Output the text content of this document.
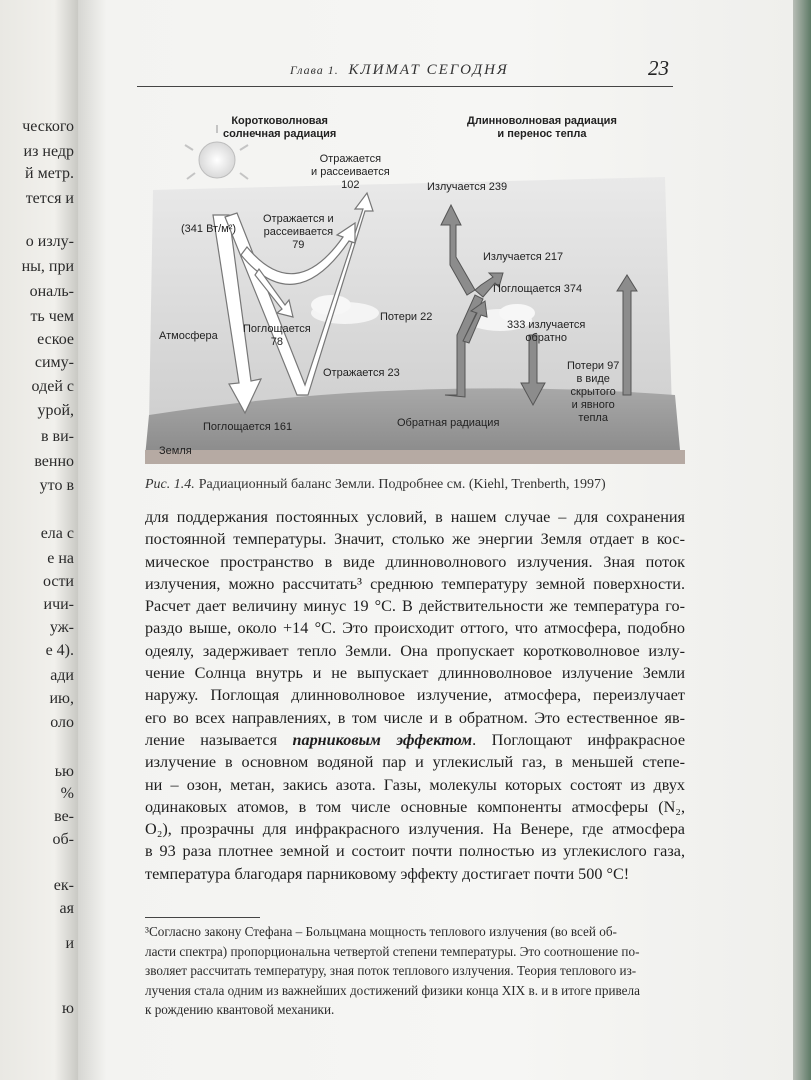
ческого
из недр
й метр.
тется и
о излу-
ны, при
ональ-
ть чем
еское
симу-
одей с
урой,
в ви-
венно
уто в
ела с
е на
ости
ичи-
уж-
е 4).
ади
ию,
оло
ью
%
ве-
об-
ек-
ая
и
ю
Глава 1. КЛИМАТ СЕГОДНЯ	23
Коротковолновая
солнечная радиация
Длинноволновая радиация
и перенос тепла
Отражается
и рассеивается
102
(341 Вт/м²)
Отражается и
рассеивается
79
Атмосфера
Поглощается
78
Отражается 23
Поглощается 161
Земля
Излучается 239
Излучается 217
Поглощается 374
Потери 22
333 излучается
обратно
Потери 97
в виде
скрытого
и явного
тепла
Обратная радиация
Рис. 1.4. Радиационный баланс Земли. Подробнее см. (Kiehl, Trenberth, 1997)
для поддержания постоянных условий, в нашем случае – для сохранения
постоянной температуры. Значит, столько же энергии Земля отдает в кос-
мическое пространство в виде длинноволнового излучения. Зная поток
излучения, можно рассчитать³ среднюю температуру земной поверхности.
Расчет дает величину минус 19 °C. В действительности же температура го-
раздо выше, около +14 °C. Это происходит оттого, что атмосфера, подобно
одеялу, задерживает тепло Земли. Она пропускает коротковолновое излу-
чение Солнца внутрь и не выпускает длинноволновое излучение Земли
наружу. Поглощая длинноволновое излучение, атмосфера, переизлучает
его во всех направлениях, в том числе и в обратном. Это естественное яв-
ление называется парниковым эффектом. Поглощают инфракрасное
излучение в основном водяной пар и углекислый газ, в меньшей степе-
ни – озон, метан, закись азота. Газы, молекулы которых состоят из двух
одинаковых атомов, в том числе основные компоненты атмосферы (N₂,
O₂), прозрачны для инфракрасного излучения. На Венере, где атмосфера
в 93 раза плотнее земной и состоит почти полностью из углекислого газа,
температура благодаря парниковому эффекту достигает почти 500 °C!
³Согласно закону Стефана – Больцмана мощность теплового излучения (во всей об-
ласти спектра) пропорциональна четвертой степени температуры. Это соотношение по-
зволяет рассчитать температуру, зная поток теплового излучения. Теория теплового из-
лучения стала одним из важнейших достижений физики конца XIX в. и в итоге привела
к рождению квантовой механики.
